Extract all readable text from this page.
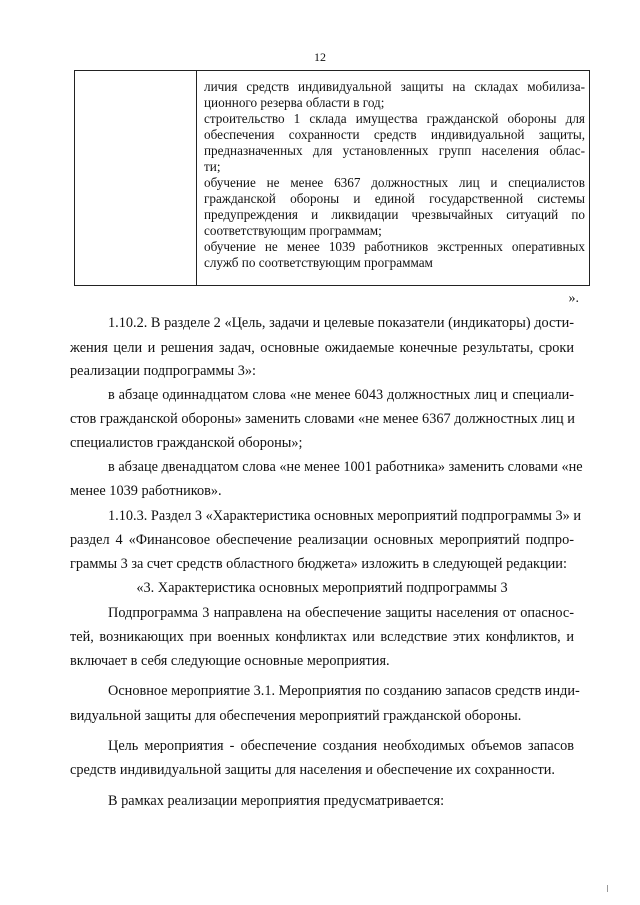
12
личия средств индивидуальной защиты на складах мобилиза-
ционного резерва области в год;
строительство 1 склада имущества гражданской обороны для
обеспечения сохранности средств индивидуальной защиты,
предназначенных для установленных групп населения облас-
ти;
обучение не менее 6367 должностных лиц и специалистов
гражданской обороны и единой государственной системы
предупреждения и ликвидации чрезвычайных ситуаций по
соответствующим программам;
обучение не менее 1039 работников экстренных оперативных
служб по соответствующим программам
».
1.10.2. В разделе 2 «Цель, задачи и целевые показатели (индикаторы) дости-
жения цели и решения задач, основные ожидаемые конечные результаты, сроки
реализации подпрограммы 3»:
в абзаце одиннадцатом слова «не менее 6043 должностных лиц и специали-
стов гражданской обороны» заменить словами «не менее 6367 должностных лиц и
специалистов гражданской обороны»;
в абзаце двенадцатом слова «не менее 1001 работника» заменить словами «не
менее 1039 работников».
1.10.3. Раздел 3 «Характеристика основных мероприятий подпрограммы 3» и
раздел 4 «Финансовое обеспечение реализации основных мероприятий подпро-
граммы 3 за счет средств областного бюджета» изложить в следующей редакции:
«3. Характеристика основных мероприятий подпрограммы 3
Подпрограмма 3 направлена на обеспечение защиты населения от опаснос-
тей, возникающих при военных конфликтах или вследствие этих конфликтов, и
включает в себя следующие основные мероприятия.
Основное мероприятие 3.1. Мероприятия по созданию запасов средств инди-
видуальной защиты для обеспечения мероприятий гражданской обороны.
Цель мероприятия - обеспечение создания необходимых объемов запасов
средств индивидуальной защиты для населения и обеспечение их сохранности.
В рамках реализации мероприятия предусматривается:
